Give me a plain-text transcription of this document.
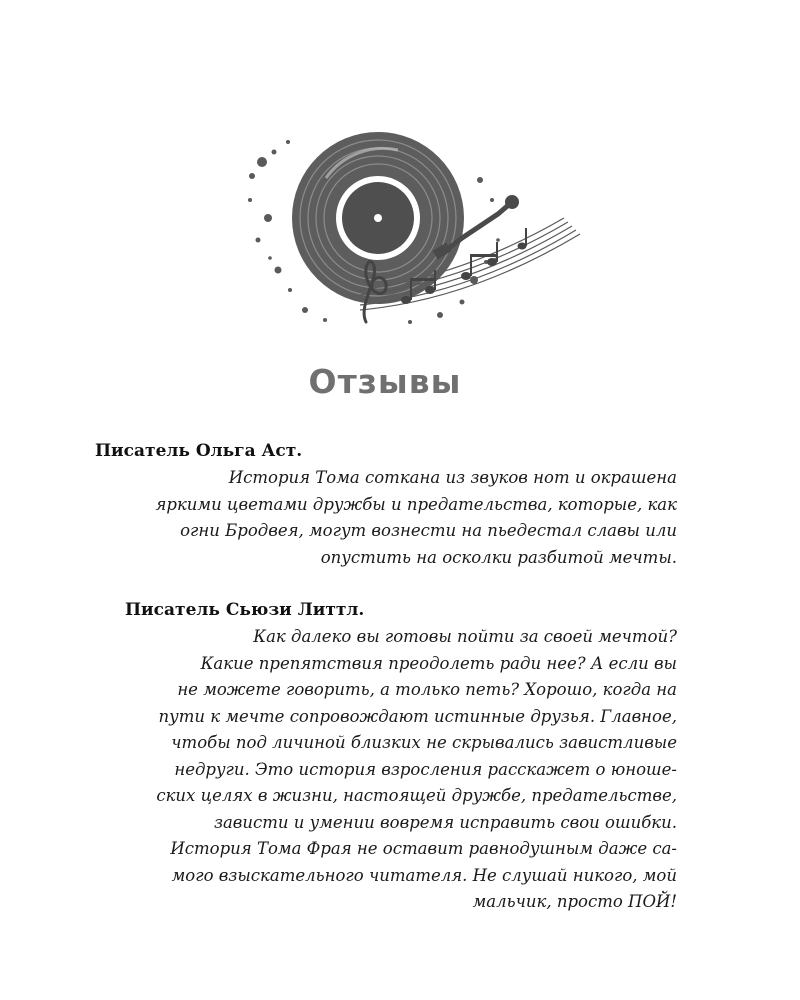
Отзывы
Писатель Ольга Аст.
История Тома соткана из звуков нот и окрашена
яркими цветами дружбы и предательства, которые, как
огни Бродвея, могут вознести на пьедестал славы или
опустить на осколки разбитой мечты.
Писатель Сьюзи Литтл.
Как далеко вы готовы пойти за своей мечтой?
Какие препятствия преодолеть ради нее? А если вы
не можете говорить, а только петь? Хорошо, когда на
пути к мечте сопровождают истинные друзья. Главное,
чтобы под личиной близких не скрывались завистливые
недруги. Это история взросления расскажет о юноше-
ских целях в жизни, настоящей дружбе, предательстве,
зависти и умении вовремя исправить свои ошибки.
История Тома Фрая не оставит равнодушным даже са-
мого взыскательного читателя. Не слушай никого, мой
мальчик, просто ПОЙ!
